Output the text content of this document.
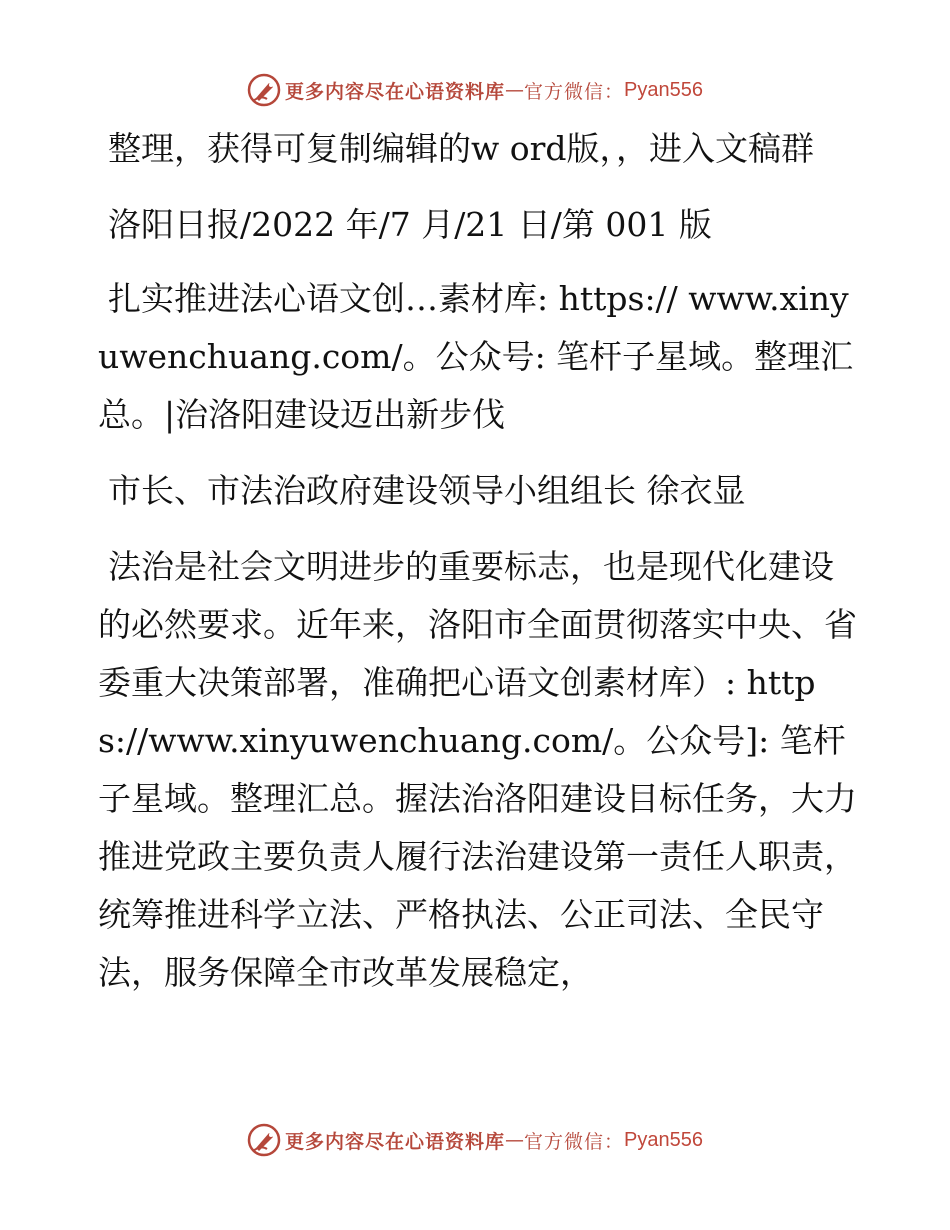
更多内容尽在心语资料库 — 官方微信： Pyan556

整理，获得可复制编辑的w ord版，，进入文稿群

洛阳日报/2022 年/7 月/21 日/第 001 版

扎实推进法心语文创…素材库: https:// www.xinyuwenchuang.com/。公众号: 笔杆子星域。整理汇总。|治洛阳建设迈出新步伐

市长、市法治政府建设领导小组组长 徐衣显

法治是社会文明进步的重要标志，也是现代化建设的必然要求。近年来，洛阳市全面贯彻落实中央、省委重大决策部署，准确把心语文创素材库）: https://www.xinyuwenchuang.com/。公众号]: 笔杆子星域。整理汇总。握法治洛阳建设目标任务，大力推进党政主要负责人履行法治建设第一责任人职责，统筹推进科学立法、严格执法、公正司法、全民守法，服务保障全市改革发展稳定，

更多内容尽在心语资料库 — 官方微信： Pyan556
